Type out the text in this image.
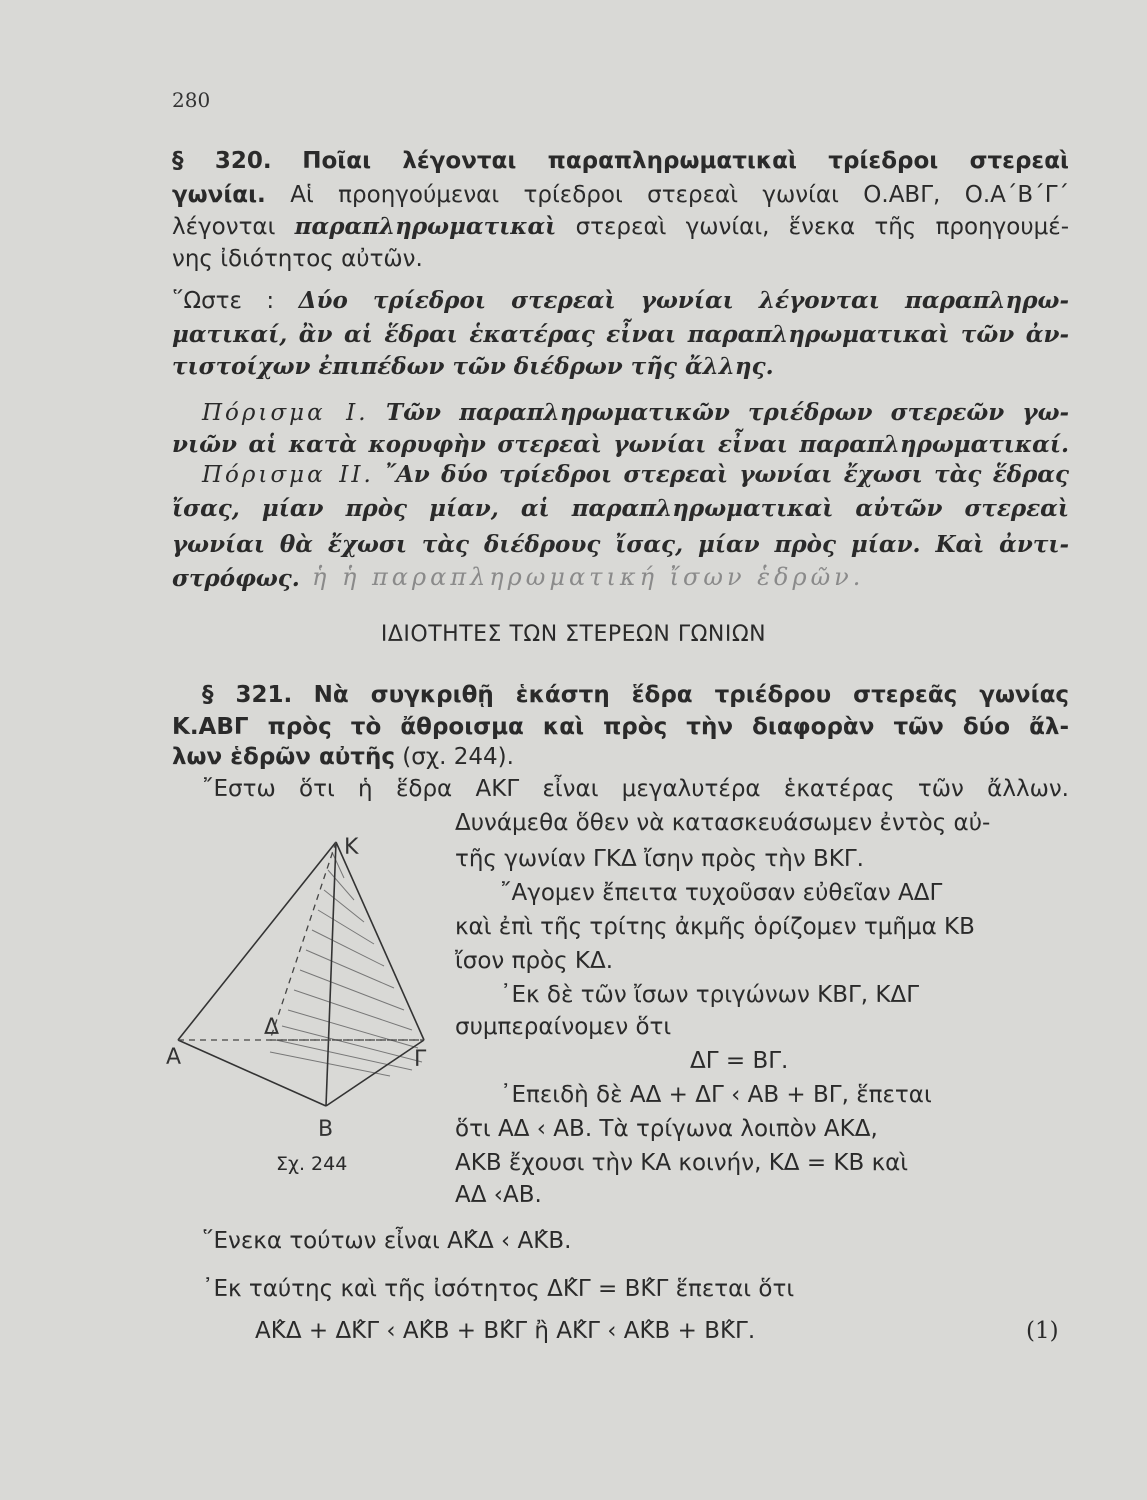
280
§ 320. Ποῖαι λέγονται παραπληρωματικαὶ τρίεδροι στερεαὶ
γωνίαι. Αἱ προηγούμεναι τρίεδροι στερεαὶ γωνίαι Ο.ΑΒΓ, Ο.Α΄Β΄Γ΄
λέγονται παραπληρωματικαὶ στερεαὶ γωνίαι, ἕνεκα τῆς προηγουμέ-
νης ἰδιότητος αὐτῶν.
῞Ωστε : Δύο τρίεδροι στερεαὶ γωνίαι λέγονται παραπληρω-
ματικαί, ἂν αἱ ἕδραι ἑκατέρας εἶναι παραπληρωματικαὶ τῶν ἀν-
τιστοίχων ἐπιπέδων τῶν διέδρων τῆς ἄλλης.
Πόρισμα Ι. Τῶν παραπληρωματικῶν τριέδρων στερεῶν γω-
νιῶν αἱ κατὰ κορυφὴν στερεαὶ γωνίαι εἶναι παραπληρωματικαί.
Πόρισμα ΙΙ. ῎Αν δύο τρίεδροι στερεαὶ γωνίαι ἔχωσι τὰς ἕδρας
ἴσας, μίαν πρὸς μίαν, αἱ παραπληρωματικαὶ αὐτῶν στερεαὶ
γωνίαι θὰ ἔχωσι τὰς διέδρους ἴσας, μίαν πρὸς μίαν. Καὶ ἀντι-
στρόφως. ἡ ἡ παραπληρωματική ἴσων ἑδρῶν.
ΙΔΙΟΤΗΤΕΣ ΤΩΝ ΣΤΕΡΕΩΝ ΓΩΝΙΩΝ
§ 321. Νὰ συγκριθῇ ἑκάστη ἕδρα τριέδρου στερεᾶς γωνίας
Κ.ΑΒΓ πρὸς τὸ ἄθροισμα καὶ πρὸς τὴν διαφορὰν τῶν δύο ἄλ-
λων ἑδρῶν αὐτῆς (σχ. 244).
῎Εστω ὅτι ἡ ἕδρα ΑΚΓ εἶναι μεγαλυτέρα ἑκατέρας τῶν ἄλλων.
Δυνάμεθα ὅθεν νὰ κατασκευάσωμεν ἐντὸς αὐ-
τῆς γωνίαν ΓΚΔ ἴσην πρὸς τὴν ΒΚΓ.
῎Αγομεν ἔπειτα τυχοῦσαν εὐθεῖαν ΑΔΓ
καὶ ἐπὶ τῆς τρίτης ἀκμῆς ὁρίζομεν τμῆμα ΚΒ
ἴσον πρὸς ΚΔ.
᾿Εκ δὲ τῶν ἴσων τριγώνων ΚΒΓ, ΚΔΓ
συμπεραίνομεν ὅτι
ΔΓ = ΒΓ.
᾿Επειδὴ δὲ ΑΔ + ΔΓ ‹ ΑΒ + ΒΓ, ἕπεται
ὅτι ΑΔ ‹ ΑΒ. Τὰ τρίγωνα λοιπὸν ΑΚΔ,
ΑΚΒ ἔχουσι τὴν ΚΑ κοινήν, ΚΔ = ΚΒ καὶ
ΑΔ ‹ΑΒ.
Κ
Α	Γ
Β
Δ
Σχ. 244
῞Ενεκα τούτων εἶναι ΑΚ̂Δ ‹ ΑΚ̂Β.
᾿Εκ ταύτης καὶ τῆς ἰσότητος ΔΚ̂Γ = ΒΚ̂Γ ἕπεται ὅτι
ΑΚ̂Δ + ΔΚ̂Γ ‹ ΑΚ̂Β + ΒΚ̂Γ ἢ ΑΚ̂Γ ‹ ΑΚ̂Β + ΒΚ̂Γ.	(1)
